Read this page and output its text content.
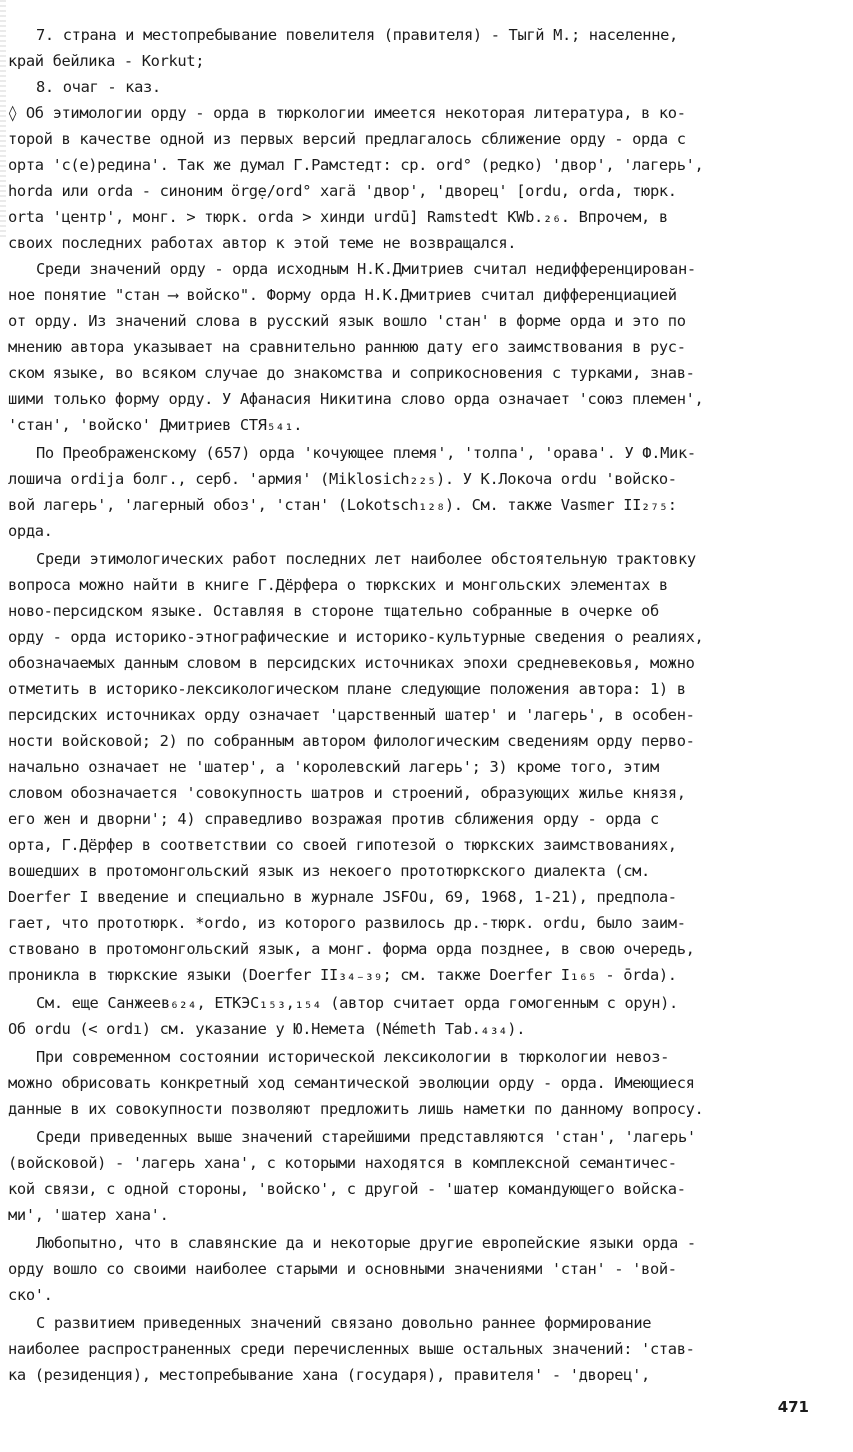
7. страна и местопребывание повелителя (правителя) - Тыгй М.; населенне,
край бейлика - Korkut;
8. очаг - каз.
◊ Об этимологии орду - орда в тюркологии имеется некоторая литература, в ко-
торой в качестве одной из первых версий предлагалось сближение орду - орда с
орта 'с(е)редина'. Так же думал Г.Рамстедт: ср. ord° (редко) 'двор', 'лагерь',
horda или orda - синоним örgẹ/ord° хагӓ 'двор', 'дворец' [ordu, orda, тюрк.
orta 'центр', монг. > тюрк. orda > хинди urdū] Ramstedt KWb.₂₆. Впрочем, в
своих последних работах автор к этой теме не возвращался.
Среди значений орду - орда исходным Н.К.Дмитриев считал недифференцирован-
ное понятие "стан ⟶ войско". Форму орда Н.К.Дмитриев считал дифференциацией
от орду. Из значений слова в русский язык вошло 'стан' в форме орда и это по
мнению автора указывает на сравнительно раннюю дату его заимствования в рус-
ском языке, во всяком случае до знакомства и соприкосновения с турками, знав-
шими только форму орду. У Афанасия Никитина слово орда означает 'союз племен',
'стан', 'войско' Дмитриев СТЯ₅₄₁.
По Преображенскому (657) орда 'кочующее племя', 'толпа', 'орава'. У Ф.Мик-
лошича ordija болг., серб. 'армия' (Miklosich₂₂₅). У К.Локоча ordu 'войско-
вой лагерь', 'лагерный обоз', 'стан' (Lokotsch₁₂₈). См. также Vasmer II₂₇₅:
орда.
Среди этимологических работ последних лет наиболее обстоятельную трактовку
вопроса можно найти в книге Г.Дёрфера о тюркских и монгольских элементах в
ново-персидском языке. Оставляя в стороне тщательно собранные в очерке об
орду - орда историко-этнографические и историко-культурные сведения о реалиях,
обозначаемых данным словом в персидских источниках эпохи средневековья, можно
отметить в историко-лексикологическом плане следующие положения автора: 1) в
персидских источниках орду означает 'царственный шатер' и 'лагерь', в особен-
ности войсковой; 2) по собранным автором филологическим сведениям орду перво-
начально означает не 'шатер', а 'королевский лагерь'; 3) кроме того, этим
словом обозначается 'совокупность шатров и строений, образующих жилье князя,
его жен и дворни'; 4) справедливо возражая против сближения орду - орда с
орта, Г.Дёрфер в соответствии со своей гипотезой о тюркских заимствованиях,
вошедших в протомонгольский язык из некоего прототюркского диалекта (см.
Doerfer I введение и специально в журнале JSFOu, 69, 1968, 1-21), предпола-
гает, что прототюрк. *ordo, из которого развилось др.-тюрк. ordu, было заим-
ствовано в протомонгольский язык, а монг. форма орда позднее, в свою очередь,
проникла в тюркские языки (Doerfer II₃₄₋₃₉; см. также Doerfer I₁₆₅ - ōrda).
См. еще Санжеев₆₂₄, ЕТКЭС₁₅₃,₁₅₄ (автор считает орда гомогенным с орун).
Об ordu (< ordı) см. указание у Ю.Немета (Németh Tab.₄₃₄).
При современном состоянии исторической лексикологии в тюркологии невоз-
можно обрисовать конкретный ход семантической эволюции орду - орда. Имеющиеся
данные в их совокупности позволяют предложить лишь наметки по данному вопросу.
Среди приведенных выше значений старейшими представляются 'стан', 'лагерь'
(войсковой) - 'лагерь хана', с которыми находятся в комплексной семантичес-
кой связи, с одной стороны, 'войско', с другой - 'шатер командующего войска-
ми', 'шатер хана'.
Любопытно, что в славянские да и некоторые другие европейские языки орда -
орду вошло со своими наиболее старыми и основными значениями 'стан' - 'вой-
ско'.
С развитием приведенных значений связано довольно раннее формирование
наиболее распространенных среди перечисленных выше остальных значений: 'став-
ка (резиденция), местопребывание хана (государя), правителя' - 'дворец',
471
